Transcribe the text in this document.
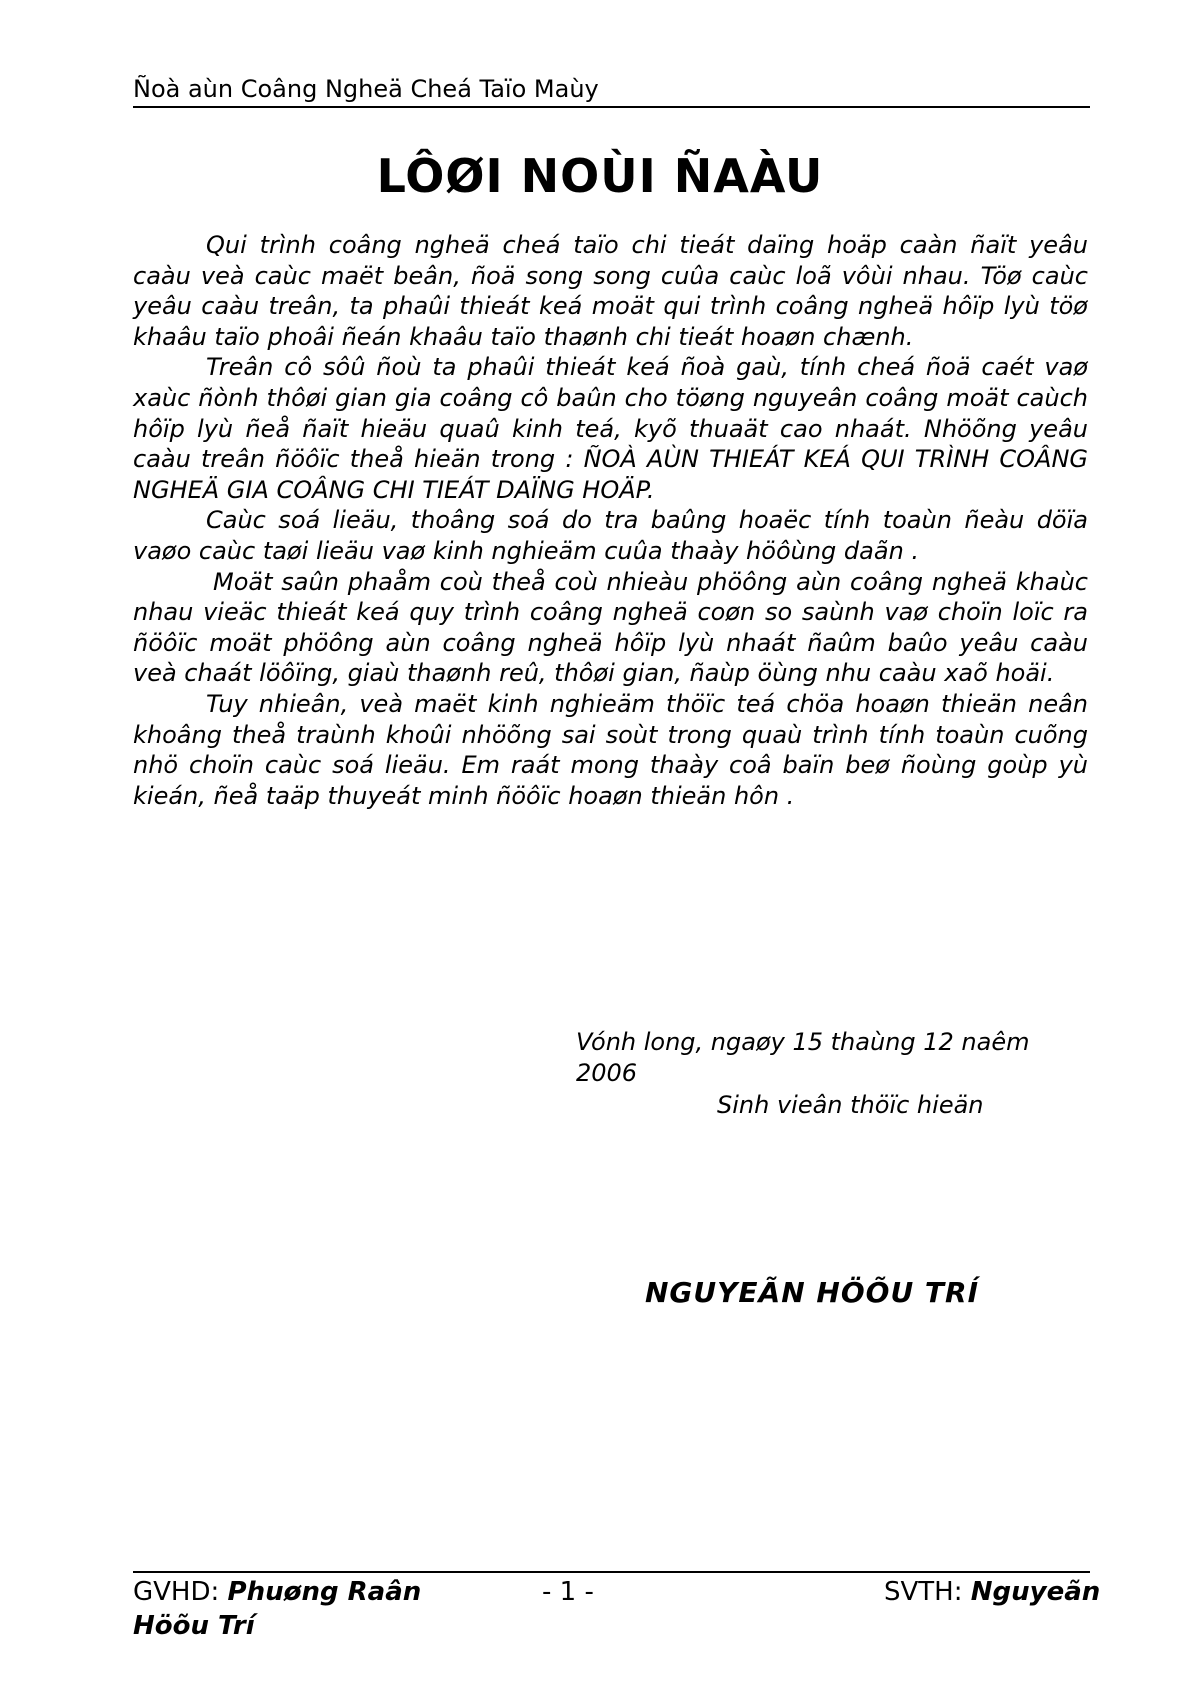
Ñoà aùn Coâng Ngheä Cheá Taïo Maùy
LÔØI NOÙI ÑAÀU

Qui trình coâng ngheä cheá taïo chi tieát daïng hoäp caàn ñaït yeâu caàu veà caùc maët beân, ñoä song song cuûa caùc loã vôùi nhau. Töø caùc yeâu caàu treân, ta phaûi thieát keá moät qui trình coâng ngheä hôïp lyù töø khaâu taïo phoâi ñeán khaâu taïo thaønh chi tieát hoaøn chænh.

Treân cô sôû ñoù ta phaûi thieát keá ñoà gaù, tính cheá ñoä caét vaø xaùc ñònh thôøi gian gia coâng cô baûn cho töøng nguyeân coâng moät caùch hôïp lyù ñeå ñaït hieäu quaû kinh teá, kyõ thuaät cao nhaát. Nhöõng yeâu caàu treân ñöôïc theå hieän trong : ÑOÀ AÙN THIEÁT KEÁ QUI TRÌNH COÂNG NGHEÄ GIA COÂNG CHI TIEÁT DAÏNG HOÄP.

Caùc soá lieäu, thoâng soá do tra baûng hoaëc tính toaùn ñeàu döïa vaøo caùc taøi lieäu vaø kinh nghieäm cuûa thaày höôùng daãn .

Moät saûn phaåm coù theå coù nhieàu phöông aùn coâng ngheä khaùc nhau vieäc thieát keá quy trình coâng ngheä coøn so saùnh vaø choïn loïc ra ñöôïc moät phöông aùn coâng ngheä hôïp lyù nhaát ñaûm baûo yeâu caàu veà chaát löôïng, giaù thaønh reû, thôøi gian, ñaùp öùng nhu caàu xaõ hoäi.

Tuy nhieân, veà maët kinh nghieäm thöïc teá chöa hoaøn thieän neân khoâng theå traùnh khoûi nhöõng sai soùt trong quaù trình tính toaùn cuõng nhö choïn caùc soá lieäu. Em raát mong thaày coâ baïn beø ñoùng goùp yù kieán, ñeå taäp thuyeát minh ñöôïc hoaøn thieän hôn .

Vónh long, ngaøy 15 thaùng 12 naêm 2006
Sinh vieân thöïc hieän
NGUYEÃN HÖÕU TRÍ
GVHD: Phuøng Raân	- 1 -	SVTH: Nguyeãn
Höõu Trí
